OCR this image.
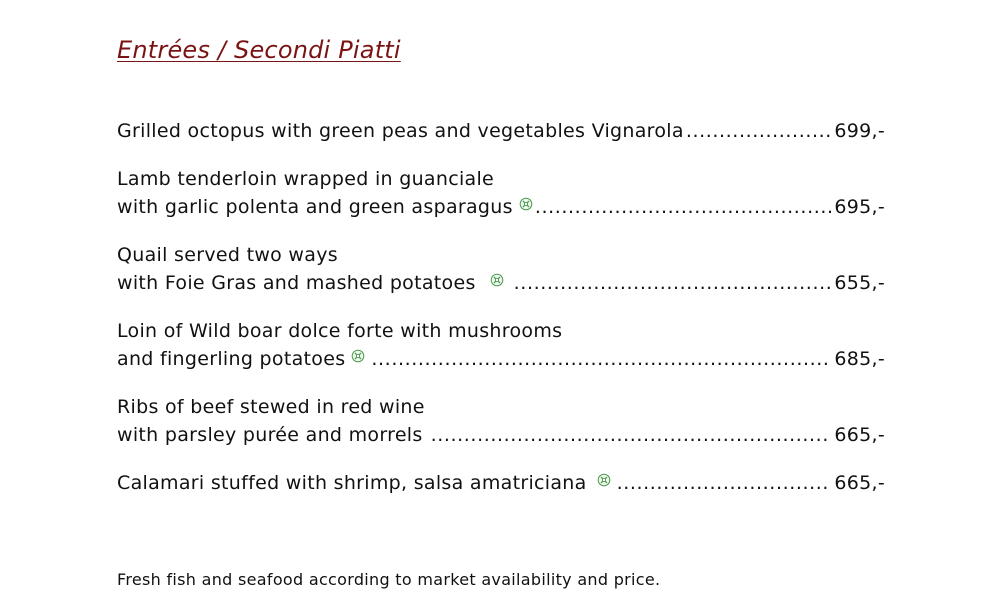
Entrées / Secondi Piatti
Grilled octopus with green peas and vegetables Vignarola .....	699,-
Lamb tenderloin wrapped in guanciale
with garlic polenta and green asparagus .....	695,-
Quail served two ways
with Foie Gras and mashed potatoes .....	655,-
Loin of Wild boar dolce forte with mushrooms
and fingerling potatoes .....	685,-
Ribs of beef stewed in red wine
with parsley purée and morrels .....	665,-
Calamari stuffed with shrimp, salsa amatriciana .....	665,-
Fresh fish and seafood according to market availability and price.
